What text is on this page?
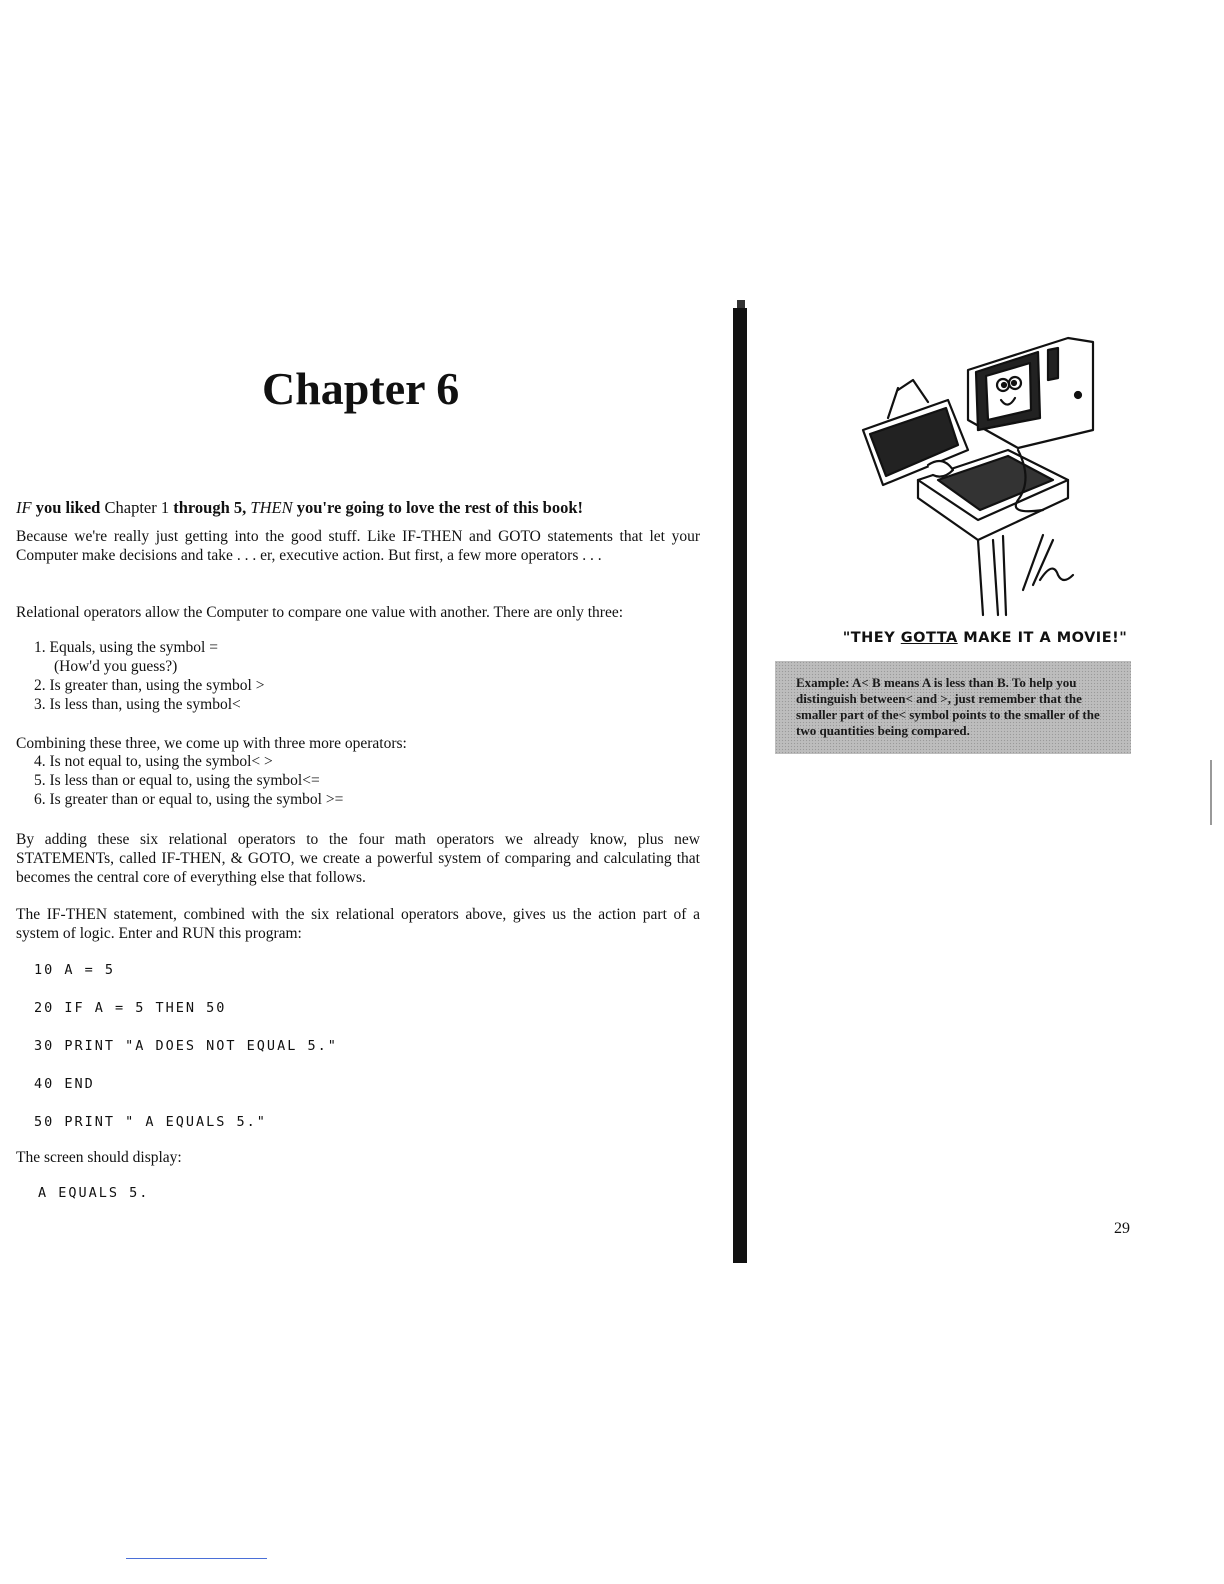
Chapter 6
IF you liked Chapter 1 through 5, THEN you're going to love the rest of this book!
Because we're really just getting into the good stuff. Like IF-THEN and GOTO statements that let your Computer make decisions and take . . . er, executive action. But first, a few more operators . . .
Relational operators allow the Computer to compare one value with another. There are only three:
1. Equals, using the symbol =
(How'd you guess?)
2. Is greater than, using the symbol >
3. Is less than, using the symbol<
Combining these three, we come up with three more operators:
4. Is not equal to, using the symbol< >
5. Is less than or equal to, using the symbol<=
6. Is greater than or equal to, using the symbol >=
By adding these six relational operators to the four math operators we already know, plus new STATEMENTs, called IF-THEN, & GOTO, we create a powerful system of comparing and calculating that becomes the central core of everything else that follows.
The IF-THEN statement, combined with the six relational operators above, gives us the action part of a system of logic. Enter and RUN this program:
10 A = 5
20 IF A = 5 THEN 50
30 PRINT "A DOES NOT EQUAL 5."
40 END
50 PRINT " A EQUALS 5."
The screen should display:
A EQUALS 5.
"THEY GOTTA MAKE IT A MOVIE!"
Example: A< B means A is less than B. To help you distinguish between< and >, just remember that the smaller part of the< symbol points to the smaller of the two quantities being compared.
29
